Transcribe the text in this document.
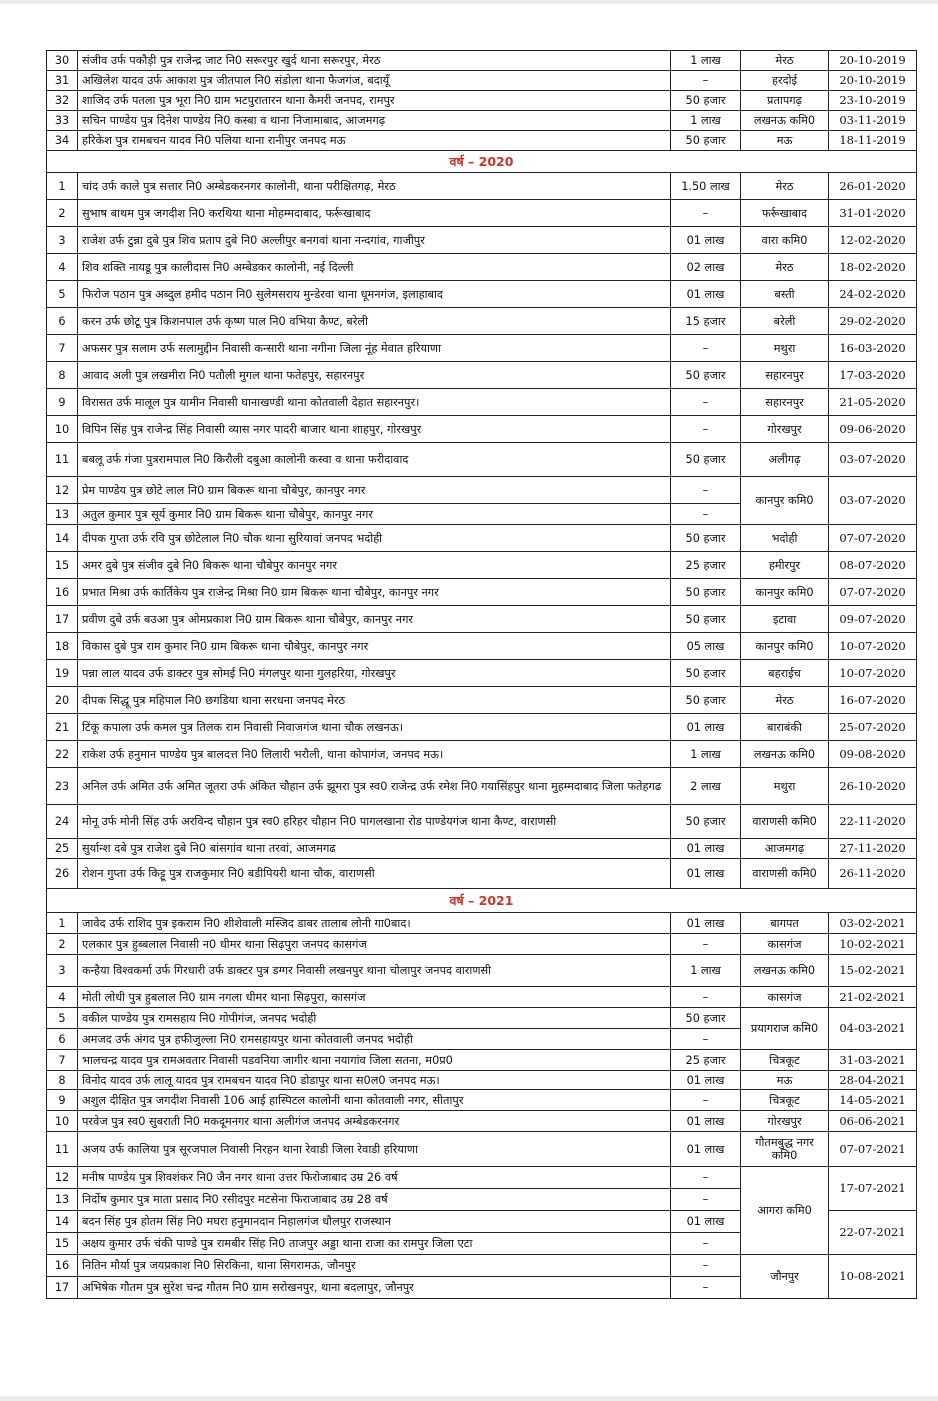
30	संजीव उर्फ पकौड़ी पुत्र राजेन्द्र जाट नि0 सरूरपुर खुर्द थाना सरूरपुर, मेरठ	1 लाख	मेरठ	20-10-2019
31	अखिलेश यादव उर्फ आकाश पुत्र जीतपाल नि0 संडोला थाना फैजगंज, बदायूँ	–	हरदोई	20-10-2019
32	शाजिद उर्फ पतला पुत्र भूरा नि0 ग्राम भटपुरातारन थाना कैमरी जनपद, रामपुर	50 हजार	प्रतापगढ़	23-10-2019
33	सचिन पाण्डेय पुत्र दिनेश पाण्डेय नि0 कस्बा व थाना निजामाबाद, आजमगढ़	1 लाख	लखनऊ कमि0	03-11-2019
34	हरिकेश पुत्र रामबचन यादव नि0 पलिया थाना रानीपुर जनपद मऊ	50 हजार	मऊ	18-11-2019
वर्ष – 2020				
1	चांद उर्फ काले पुत्र सत्तार नि0 अम्बेडकरनगर कालोनी, थाना परीक्षितगढ़, मेरठ	1.50 लाख	मेरठ	26-01-2020
2	सुभाष बाथम पुत्र जगदीश नि0 करथिया थाना मोहम्मदाबाद, फर्रूखाबाद	–	फर्रूखाबाद	31-01-2020
3	राजेश उर्फ टुन्ना दुबे पुत्र शिव प्रताप दुबे नि0 अल्लीपुर बनगवां थाना नन्दगांव, गाजीपुर	01 लाख	वारा कमि0	12-02-2020
4	शिव शक्ति नायडू पुत्र कालीदास नि0 अम्बेडकर कालोनी, नई दिल्ली	02 लाख	मेरठ	18-02-2020
5	फिरोज पठान पुत्र अब्दुल हमीद पठान नि0 सुलेमसराय मुन्डेरवा थाना धूमनगंज, इलाहाबाद	01 लाख	बस्ती	24-02-2020
6	करन उर्फ छोटू पुत्र किशनपाल उर्फ कृष्ण पाल नि0 वभिया कैण्ट, बरेली	15 हजार	बरेली	29-02-2020
7	अफसर पुत्र सलाम उर्फ सलामुद्दीन निवासी कन्सारी थाना नगीना जिला नूंह मेवात हरियाणा	–	मथुरा	16-03-2020
8	आवाद अली पुत्र लखमीरा नि0 पतौली मुगल थाना फतेहपुर, सहारनपुर	50 हजार	सहारनपुर	17-03-2020
9	विरासत उर्फ मालूल पुत्र यामीन निवासी घानाखण्डी थाना कोतवाली देहात सहारनपुर।	–	सहारनपुर	21-05-2020
10	विपिन सिंह पुत्र राजेन्द्र सिंह निवासी व्यास नगर पादरी बाजार थाना शाहपुर, गोरखपुर	–	गोरखपुर	09-06-2020
11	बबलू उर्फ गंजा पुत्ररामपाल नि0 किरौली दबुआ कालोनी कस्वा व थाना फरीदावाद	50 हजार	अलीगढ़	03-07-2020
12	प्रेम पाण्डेय पुत्र छोटे लाल नि0 ग्राम बिकरू थाना चौबेपुर, कानपुर नगर	–	कानपुर कमि0	03-07-2020
13	अतुल कुमार पुत्र सूर्य कुमार नि0 ग्राम बिकरू थाना चौबेपुर, कानपुर नगर	–		
14	दीपक गुप्ता उर्फ रवि पुत्र छोटेलाल नि0 चौक थाना सुरियावां जनपद भदोही	50 हजार	भदोही	07-07-2020
15	अमर दुबे पुत्र संजीव दुबे नि0 बिकरू थाना चौबेपुर कानपुर नगर	25 हजार	हमीरपुर	08-07-2020
16	प्रभात मिश्रा उर्फ कार्तिकेय पुत्र राजेन्द्र मिश्रा नि0 ग्राम बिकरू थाना चौबेपुर, कानपुर नगर	50 हजार	कानपुर कमि0	07-07-2020
17	प्रवीण दुबे उर्फ बउआ पुत्र ओमप्रकाश नि0 ग्राम बिकरू थाना चौबेपुर, कानपुर नगर	50 हजार	इटावा	09-07-2020
18	विकास दुबे पुत्र राम कुमार नि0 ग्राम बिकरू थाना चौबेपुर, कानपुर नगर	05 लाख	कानपुर कमि0	10-07-2020
19	पन्ना लाल यादव उर्फ डाक्टर पुत्र सोमई नि0 मंगलपुर थाना गुलहरिया, गोरखपुर	50 हजार	बहराईच	10-07-2020
20	दीपक सिद्धू पुत्र महिपाल नि0 छगडिया थाना सरधना जनपद मेरठ	50 हजार	मेरठ	16-07-2020
21	टिंकू कपाला उर्फ कमल पुत्र तिलक राम निवासी निवाजगंज थाना चौक लखनऊ।	01 लाख	बाराबंकी	25-07-2020
22	राकेश उर्फ हनुमान पाण्डेय पुत्र बालदत्त नि0 लिलारी भरौली, थाना कोपागंज, जनपद मऊ।	1 लाख	लखनऊ कमि0	09-08-2020
23	अनिल उर्फ अमित उर्फ अमित जूतरा उर्फ अंकित चौहान उर्फ झूमरा पुत्र स्व0 राजेन्द्र उर्फ रमेश नि0 गयासिंहपुर थाना मुहम्मदाबाद जिला फतेहगढ	2 लाख	मथुरा	26-10-2020
24	मोनू उर्फ मोनी सिंह उर्फ अरविन्द चौहान पुत्र स्व0 हरिहर चौहान नि0 पागलखाना रोड पाण्डेयगंज थाना कैण्ट, वाराणसी	50 हजार	वाराणसी कमि0	22-11-2020
25	सुर्यान्श दबे पुत्र राजेश दुबे नि0 बांसगांव थाना तरवां, आजमगढ	01 लाख	आजमगढ़	27-11-2020
26	रोशन गुप्ता उर्फ किट्टू पुत्र राजकुमार नि0 बडीपियरी थाना चौक, वाराणसी	01 लाख	वाराणसी कमि0	26-11-2020
वर्ष – 2021				
1	जावेद उर्फ राशिद पुत्र इकराम नि0 शीशेवाली मस्जिद डाबर तालाब लोनी गा0बाद।	01 लाख	बागपत	03-02-2021
2	एलकार पुत्र हुब्बलाल निवासी न0 धीमर थाना सिढ़पुरा जनपद कासगंज	–	कासगंज	10-02-2021
3	कन्हैया विश्वकर्मा उर्फ गिरधारी उर्फ डाक्टर पुत्र डग्गर निवासी लखनपुर थाना चोलापुर जनपद वाराणसी	1 लाख	लखनऊ कमि0	15-02-2021
4	मोती लोधी पुत्र हुबलाल नि0 ग्राम नगला धीमर थाना सिढ़पुरा, कासगंज	–	कासगंज	21-02-2021
5	वकील पाण्डेय पुत्र रामसहाय नि0 गोपीगंज, जनपद भदोही	50 हजार	प्रयागराज कमि0	04-03-2021
6	अमजद उर्फ अंगद पुत्र हफीजुल्ला नि0 रामसहायपुर थाना कोतवाली जनपद भदोही	–		
7	भालचन्द्र यादव पुत्र रामअवतार निवासी पडवनिया जागीर थाना नयागांव जिला सतना, म0प्र0	25 हजार	चित्रकूट	31-03-2021
8	विनोद यादव उर्फ लालू यादव पुत्र रामबचन यादव नि0 डोडापुर थाना स0ल0 जनपद मऊ।	01 लाख	मऊ	28-04-2021
9	अशुल दीक्षित पुत्र जगदीश निवासी 106 आई हास्पिटल कालोनी थाना कोतवाली नगर, सीतापुर	–	चित्रकूट	14-05-2021
10	परवेज पुत्र स्व0 सुबराती नि0 मकदूमनगर थाना अलीगंज जनपद अम्बेडकरनगर	01 लाख	गोरखपुर	06-06-2021
11	अजय उर्फ कालिया पुत्र सूरजपाल निवासी निरहन थाना रेवाडी जिला रेवाडी हरियाणा	01 लाख	गौतमबुद्ध नगर कमि0	07-07-2021
12	मनीष पाण्डेय पुत्र शिवशंकर नि0 जैन नगर थाना उत्तर फिरोजाबाद उम्र 26 वर्ष	–	आगरा कमि0	17-07-2021
13	निर्दोष कुमार पुत्र माता प्रसाद नि0 रसीदपुर मटसेना फिराजाबाद उम्र 28 वर्ष	–		
14	बदन सिंह पुत्र होतम सिंह नि0 मघरा हनुमानदान निहालगंज धौलपुर राजस्थान	01 लाख		22-07-2021
15	अक्षय कुमार उर्फ चंकी पाण्डे पुत्र रामबीर सिंह नि0 ताजपुर अड्डा थाना राजा का रामपुर जिला एटा	–		
16	नितिन मौर्या पुत्र जयप्रकाश नि0 सिरकिना, थाना सिगरामऊ, जौनपुर	–	जौनपुर	10-08-2021
17	अभिषेक गौतम पुत्र सुरेश चन्द्र गौतम नि0 ग्राम सरोखनपुर, थाना बदलापुर, जौनपुर	–		
